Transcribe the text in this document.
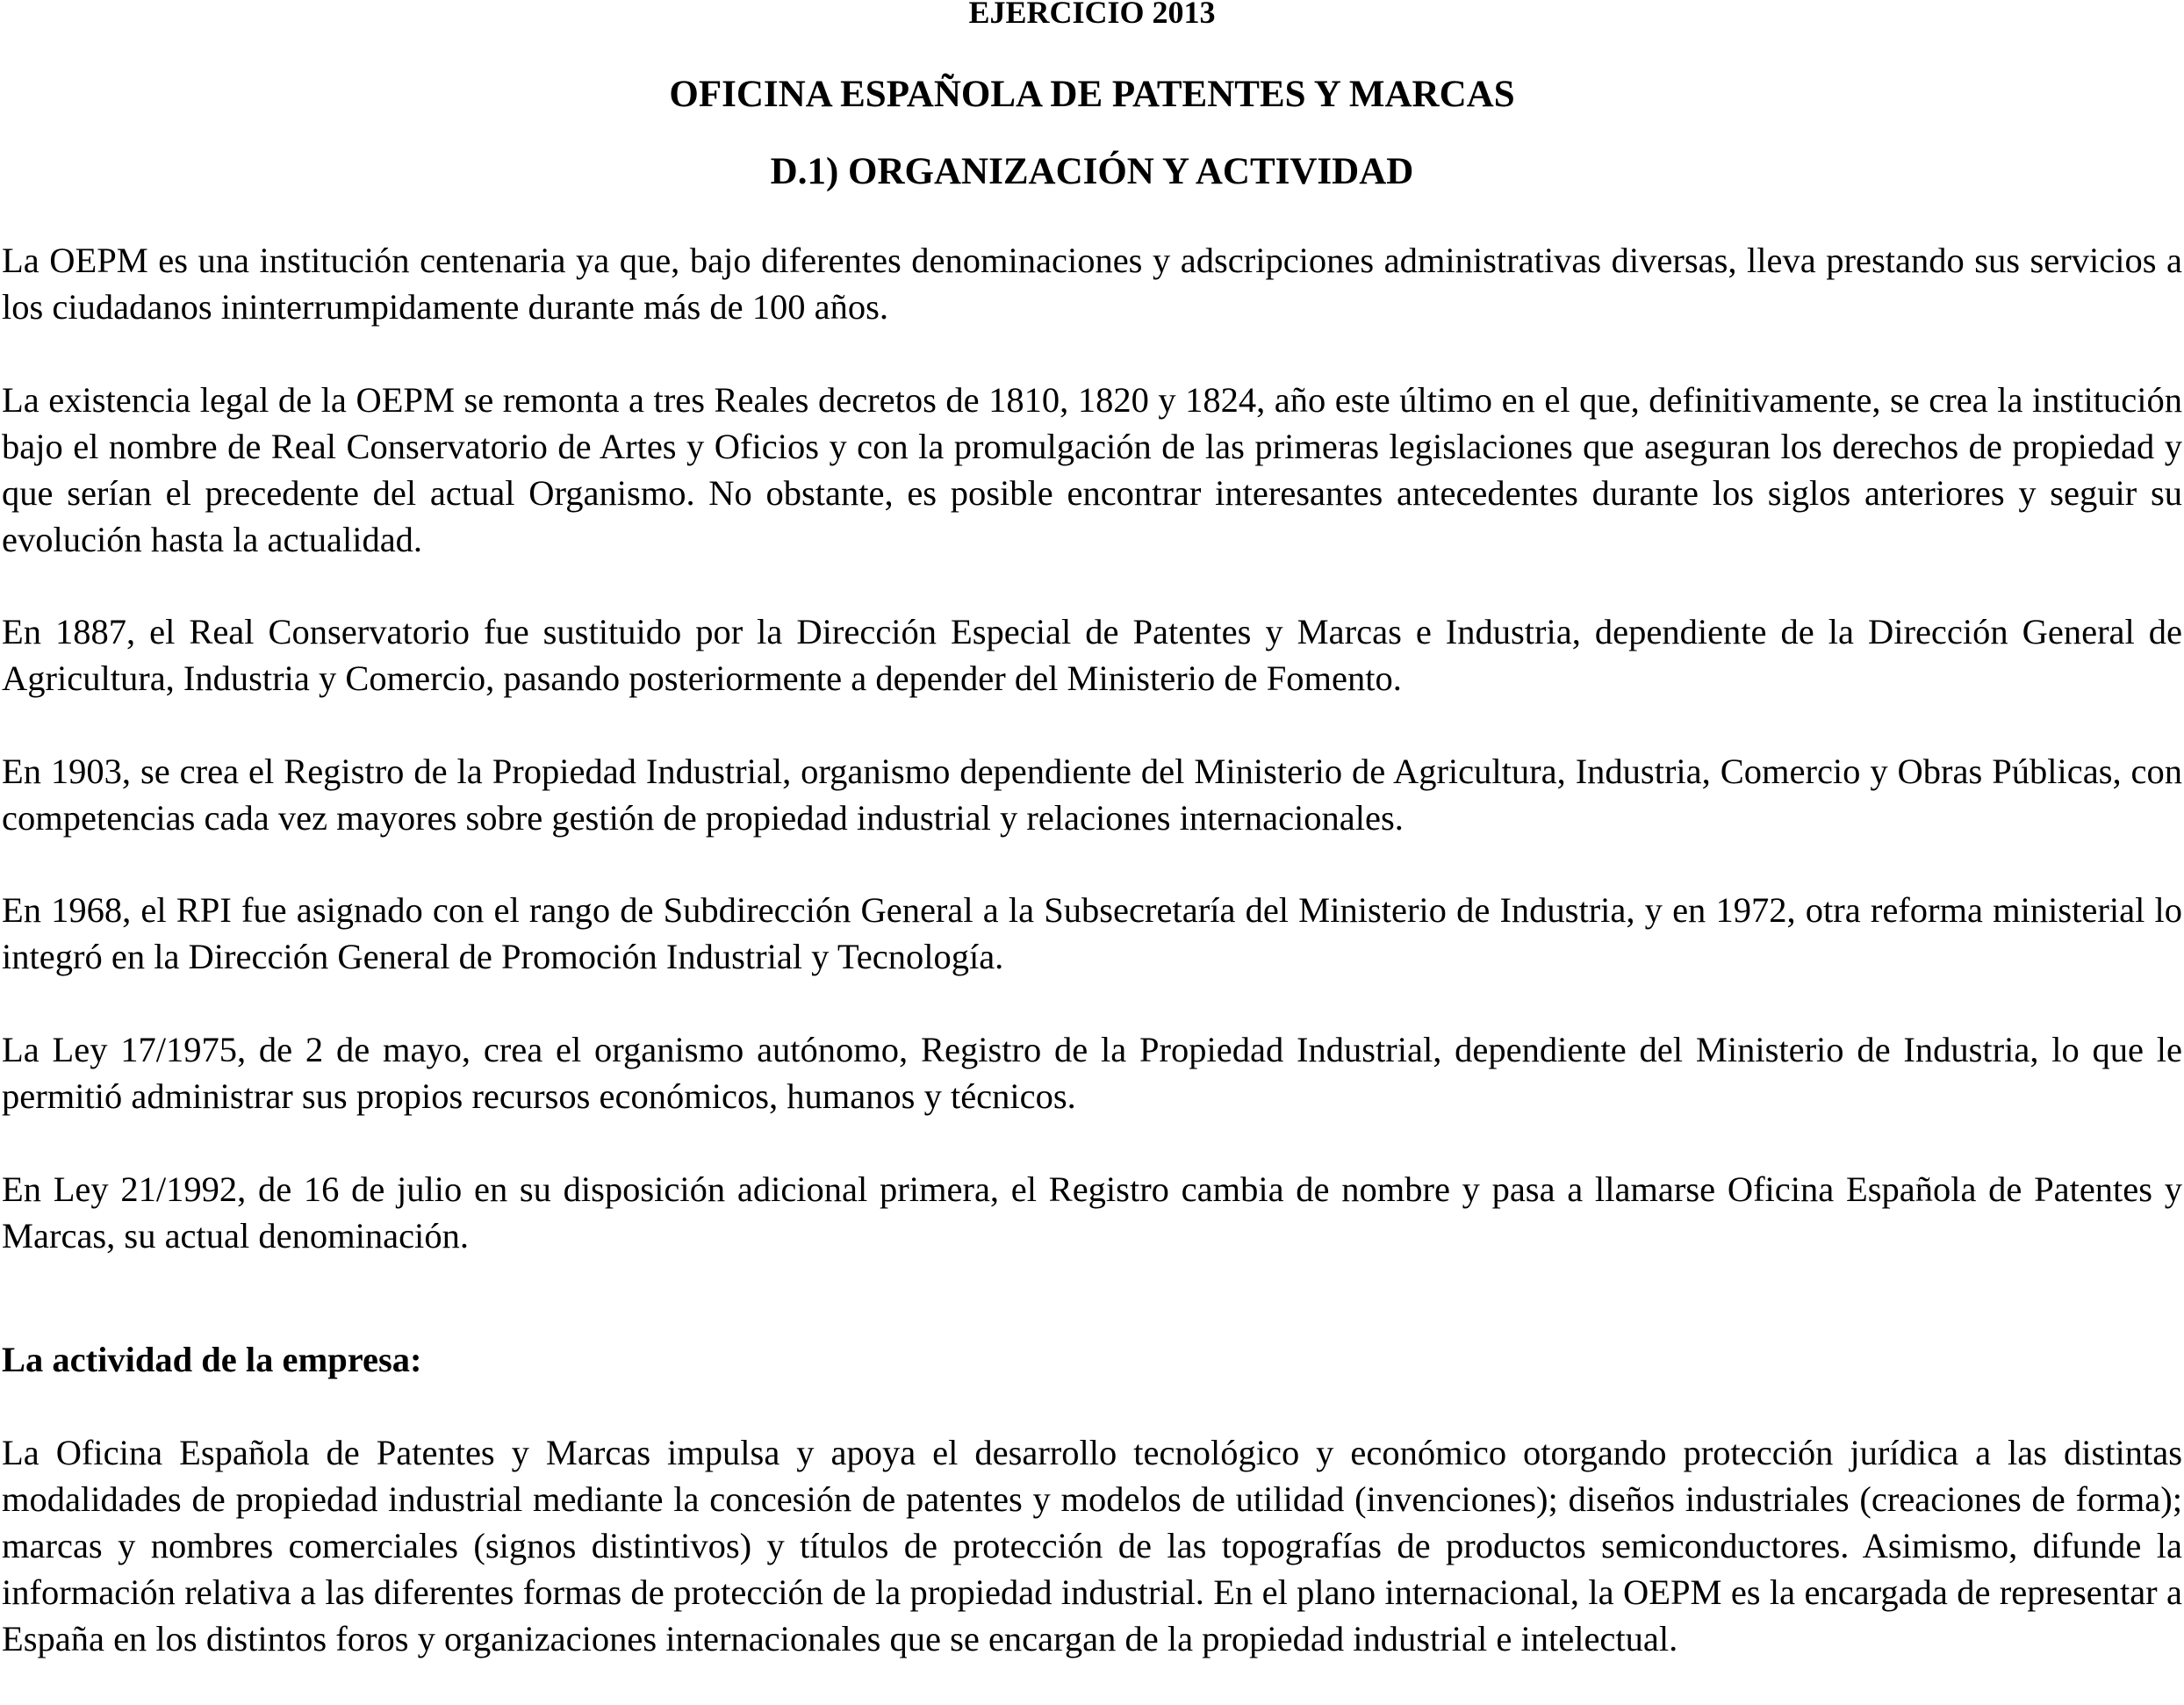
EJERCICIO 2013
OFICINA ESPAÑOLA DE PATENTES Y MARCAS
D.1) ORGANIZACIÓN Y ACTIVIDAD

La OEPM es una institución centenaria ya que, bajo diferentes denominaciones y adscripciones administrativas diversas, lleva prestando sus servicios a los ciudadanos ininterrumpidamente durante más de 100 años.

La existencia legal de la OEPM se remonta a tres Reales decretos de 1810, 1820 y 1824, año este último en el que, definitivamente, se crea la institución bajo el nombre de Real Conservatorio de Artes y Oficios y con la promulgación de las primeras legislaciones que aseguran los derechos de propiedad y que serían el precedente del actual Organismo. No obstante, es posible encontrar interesantes antecedentes durante los siglos anteriores y seguir su evolución hasta la actualidad.

En 1887, el Real Conservatorio fue sustituido por la Dirección Especial de Patentes y Marcas e Industria, dependiente de la Dirección General de Agricultura, Industria y Comercio, pasando posteriormente a depender del Ministerio de Fomento.

En 1903, se crea el Registro de la Propiedad Industrial, organismo dependiente del Ministerio de Agricultura, Industria, Comercio y Obras Públicas, con competencias cada vez mayores sobre gestión de propiedad industrial y relaciones internacionales.

En 1968, el RPI fue asignado con el rango de Subdirección General a la Subsecretaría del Ministerio de Industria, y en 1972, otra reforma ministerial lo integró en la Dirección General de Promoción Industrial y Tecnología.

La Ley 17/1975, de 2 de mayo, crea el organismo autónomo, Registro de la Propiedad Industrial, dependiente del Ministerio de Industria, lo que le permitió administrar sus propios recursos económicos, humanos y técnicos.

En Ley 21/1992, de 16 de julio en su disposición adicional primera, el Registro cambia de nombre y pasa a llamarse Oficina Española de Patentes y Marcas, su actual denominación.

La actividad de la empresa:

La Oficina Española de Patentes y Marcas impulsa y apoya el desarrollo tecnológico y económico otorgando protección jurídica a las distintas modalidades de propiedad industrial mediante la concesión de patentes y modelos de utilidad (invenciones); diseños industriales (creaciones de forma); marcas y nombres comerciales (signos distintivos) y títulos de protección de las topografías de productos semiconductores. Asimismo, difunde la información relativa a las diferentes formas de protección de la propiedad industrial. En el plano internacional, la OEPM es la encargada de representar a España en los distintos foros y organizaciones internacionales que se encargan de la propiedad industrial e intelectual.
